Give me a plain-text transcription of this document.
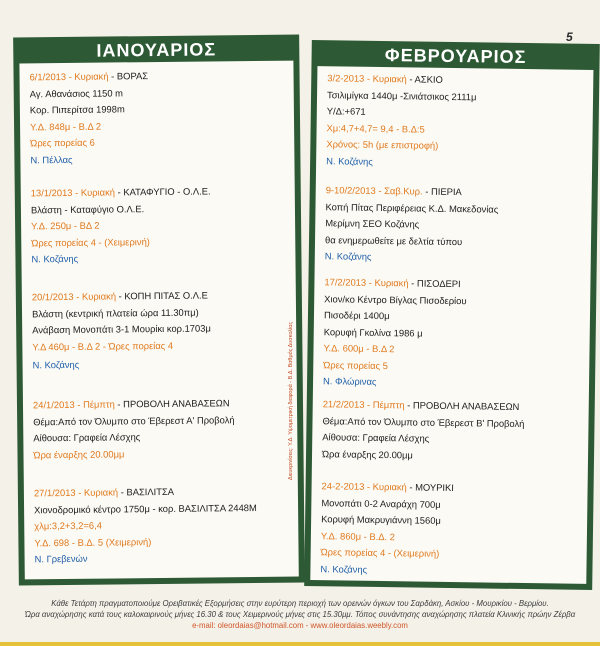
5
ΙΑΝΟΥΑΡΙΟΣ
6/1/2013 - Κυριακή - ΒΟΡΑΣ
Αγ. Αθανάσιος 1150 m
Κορ. Πιπερίτσα 1998m
Υ.Δ. 848μ - Β.Δ 2
Ώρες πορείας 6
Ν. Πέλλας
13/1/2013 - Κυριακή - ΚΑΤΑΦΥΓΙΟ - Ο.Λ.Ε.
Βλάστη - Καταφύγιο Ο.Λ.Ε.
Υ.Δ. 250μ - ΒΔ 2
Ώρες πορείας 4 - (Χειμερινή)
Ν. Κοζάνης
20/1/2013 - Κυριακή - ΚΟΠΗ ΠΙΤΑΣ Ο.Λ.Ε
Βλάστη (κεντρική πλατεία ώρα 11.30πμ)
Ανάβαση Μονοπάτι 3-1 Μουρίκι κορ.1703μ
Υ.Δ 460μ - Β.Δ 2 - Ώρες πορείας 4
Ν. Κοζάνης
24/1/2013 - Πέμπτη - ΠΡΟΒΟΛΗ ΑΝΑΒΑΣΕΩΝ
Θέμα:Από τον Όλυμπο στο Έβερεστ Α' Προβολή
Αίθουσα: Γραφεία Λέσχης
Ώρα έναρξης 20.00μμ
27/1/2013 - Κυριακή - ΒΑΣΙΛΙΤΣΑ
Χιονοδρομικό κέντρο 1750μ - κορ. ΒΑΣΙΛΙΤΣΑ 2448Μ
χλμ:3,2+3,2=6,4
Υ.Δ. 698 - Β.Δ. 5 (Χειμερινή)
Ν. Γρεβενών
Διευκρινίσεις: Υ.Δ. Υψομετρική διαφορά - Β.Δ. Βαθμός Δυσκολίας
ΦΕΒΡΟΥΑΡΙΟΣ
3/2-2013 - Κυριακή - ΑΣΚΙΟ
Τσιλιμίγκα 1440μ -Σινιάτσικος 2111μ
Υ/Δ:+671
Χμ:4,7+4,7= 9,4 - Β.Δ:5
Χρόνος: 5h (με επιστροφή)
Ν. Κοζάνης
9-10/2/2013 - Σαβ.Κυρ. - ΠΙΕΡΙΑ
Κοπή Πίτας Περιφέρειας Κ.Δ. Μακεδονίας
Μερίμνη ΣΕΟ Κοζάνης
θα ενημερωθείτε με δελτία τύπου
Ν. Κοζάνης
17/2/2013 - Κυριακή - ΠΙΣΟΔΕΡΙ
Χιον/κο Κέντρο Βίγλας Πισοδερίου
Πισοδέρι 1400μ
Κορυφή Γκολίνα 1986 μ
Υ.Δ. 600μ - Β.Δ 2
Ώρες πορείας 5
Ν. Φλώρινας
21/2/2013 - Πέμπτη - ΠΡΟΒΟΛΗ ΑΝΑΒΑΣΕΩΝ
Θέμα:Από τον Όλυμπο στο Έβερεστ Β' Προβολή
Αίθουσα: Γραφεία Λέσχης
Ώρα έναρξης 20.00μμ
24-2-2013 - Κυριακή - ΜΟΥΡΙΚΙ
Μονοπάτι 0-2 Αναράχη 700μ
Κορυφή Μακρυγιάννη 1560μ
Υ.Δ. 860μ - Β.Δ. 2
Ώρες πορείας 4 - (Χειμερινή)
Ν. Κοζάνης
Κάθε Τετάρτη πραγματοποιούμε Ορειβατικές Εξορμήσεις στην ευρύτερη περιοχή των ορεινών όγκων του Σαρδάκη, Ασκίου - Μουρικίου - Βερμίου.
Ώρα αναχώρησης κατά τους καλοκαιρινούς μήνες 16.30 & τους Χειμερινούς μήνες στις 15.30μμ. Τόπος συνάντησης αναχώρησης πλατεία Κλινικής πρώην Ζέρβα
e-mail: oleordaias@hotmail.com - www.oleordaias.weebly.com
